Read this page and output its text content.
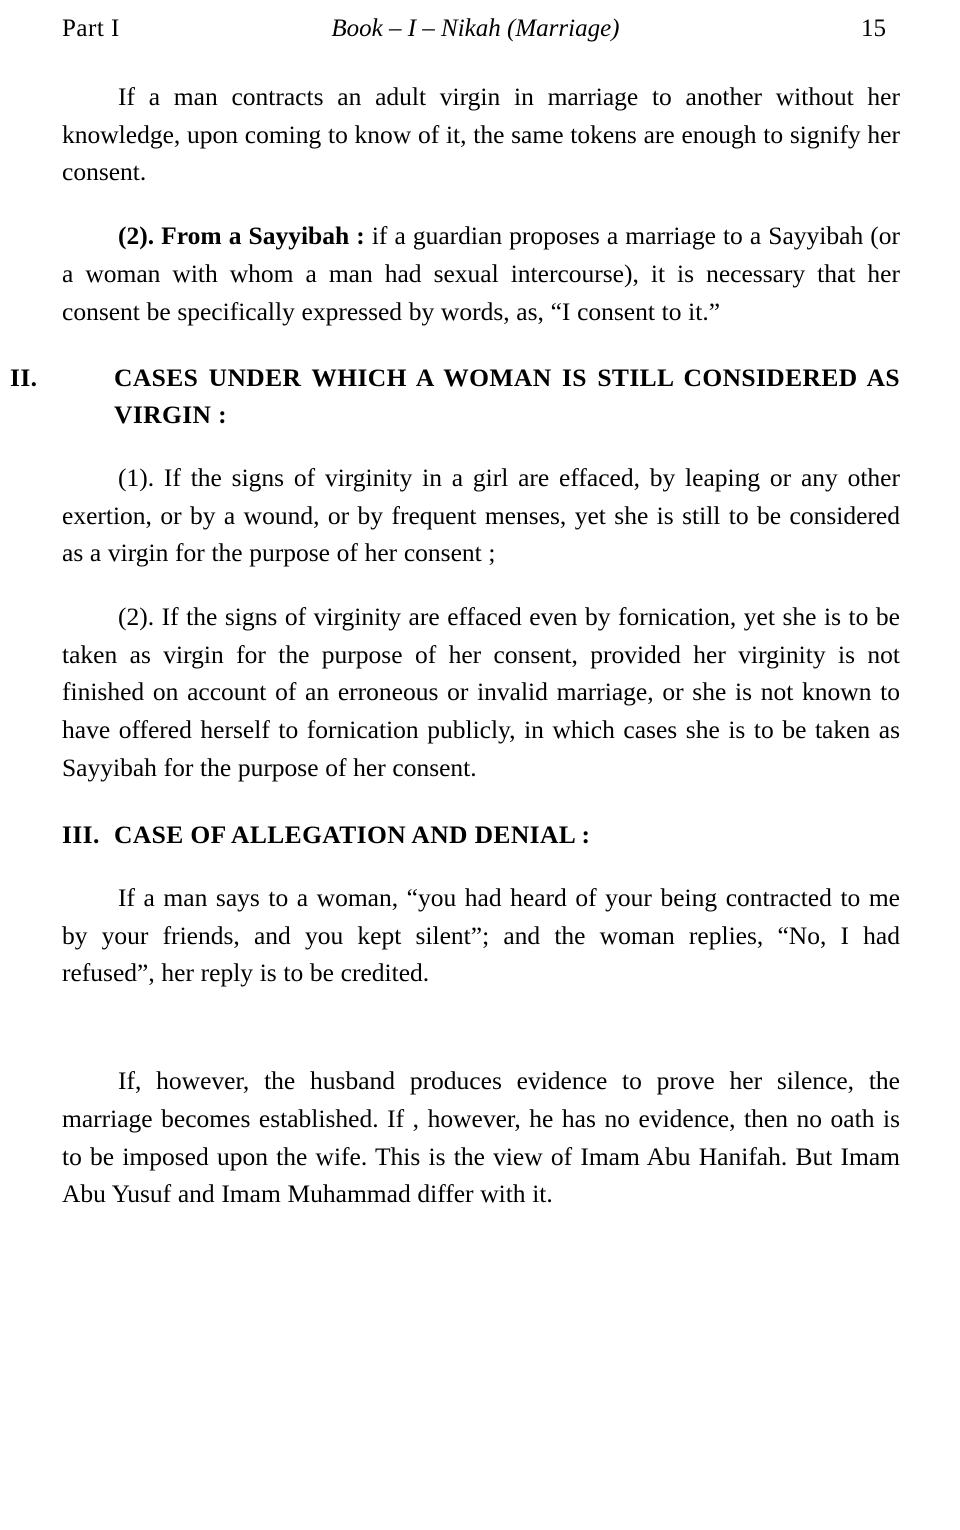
Part I	Book – I – Nikah (Marriage)	15

If a man contracts an adult virgin in marriage to another without her knowledge, upon coming to know of it, the same tokens are enough to signify her consent.

(2). From a Sayyibah : if a guardian proposes a marriage to a Sayyibah (or a woman with whom a man had sexual intercourse), it is necessary that her consent be specifically expressed by words, as, “I consent to it.”

II.	CASES UNDER WHICH A WOMAN IS STILL CONSIDERED AS VIRGIN :

(1). If the signs of virginity in a girl are effaced, by leaping or any other exertion, or by a wound, or by frequent menses, yet she is still to be considered as a virgin for the purpose of her consent ;

(2). If the signs of virginity are effaced even by fornication, yet she is to be taken as virgin for the purpose of her consent, provided her virginity is not finished on account of an erroneous or invalid marriage, or she is not known to have offered herself to fornication publicly, in which cases she is to be taken as Sayyibah for the purpose of her consent.

III. CASE OF ALLEGATION AND DENIAL :

If a man says to a woman, “you had heard of your being contracted to me by your friends, and you kept silent”; and the woman replies, “No, I had refused”, her reply is to be credited.

If, however, the husband produces evidence to prove her silence, the marriage becomes established. If , however, he has no evidence, then no oath is to be imposed upon the wife. This is the view of Imam Abu Hanifah. But Imam Abu Yusuf and Imam Muhammad differ with it.
